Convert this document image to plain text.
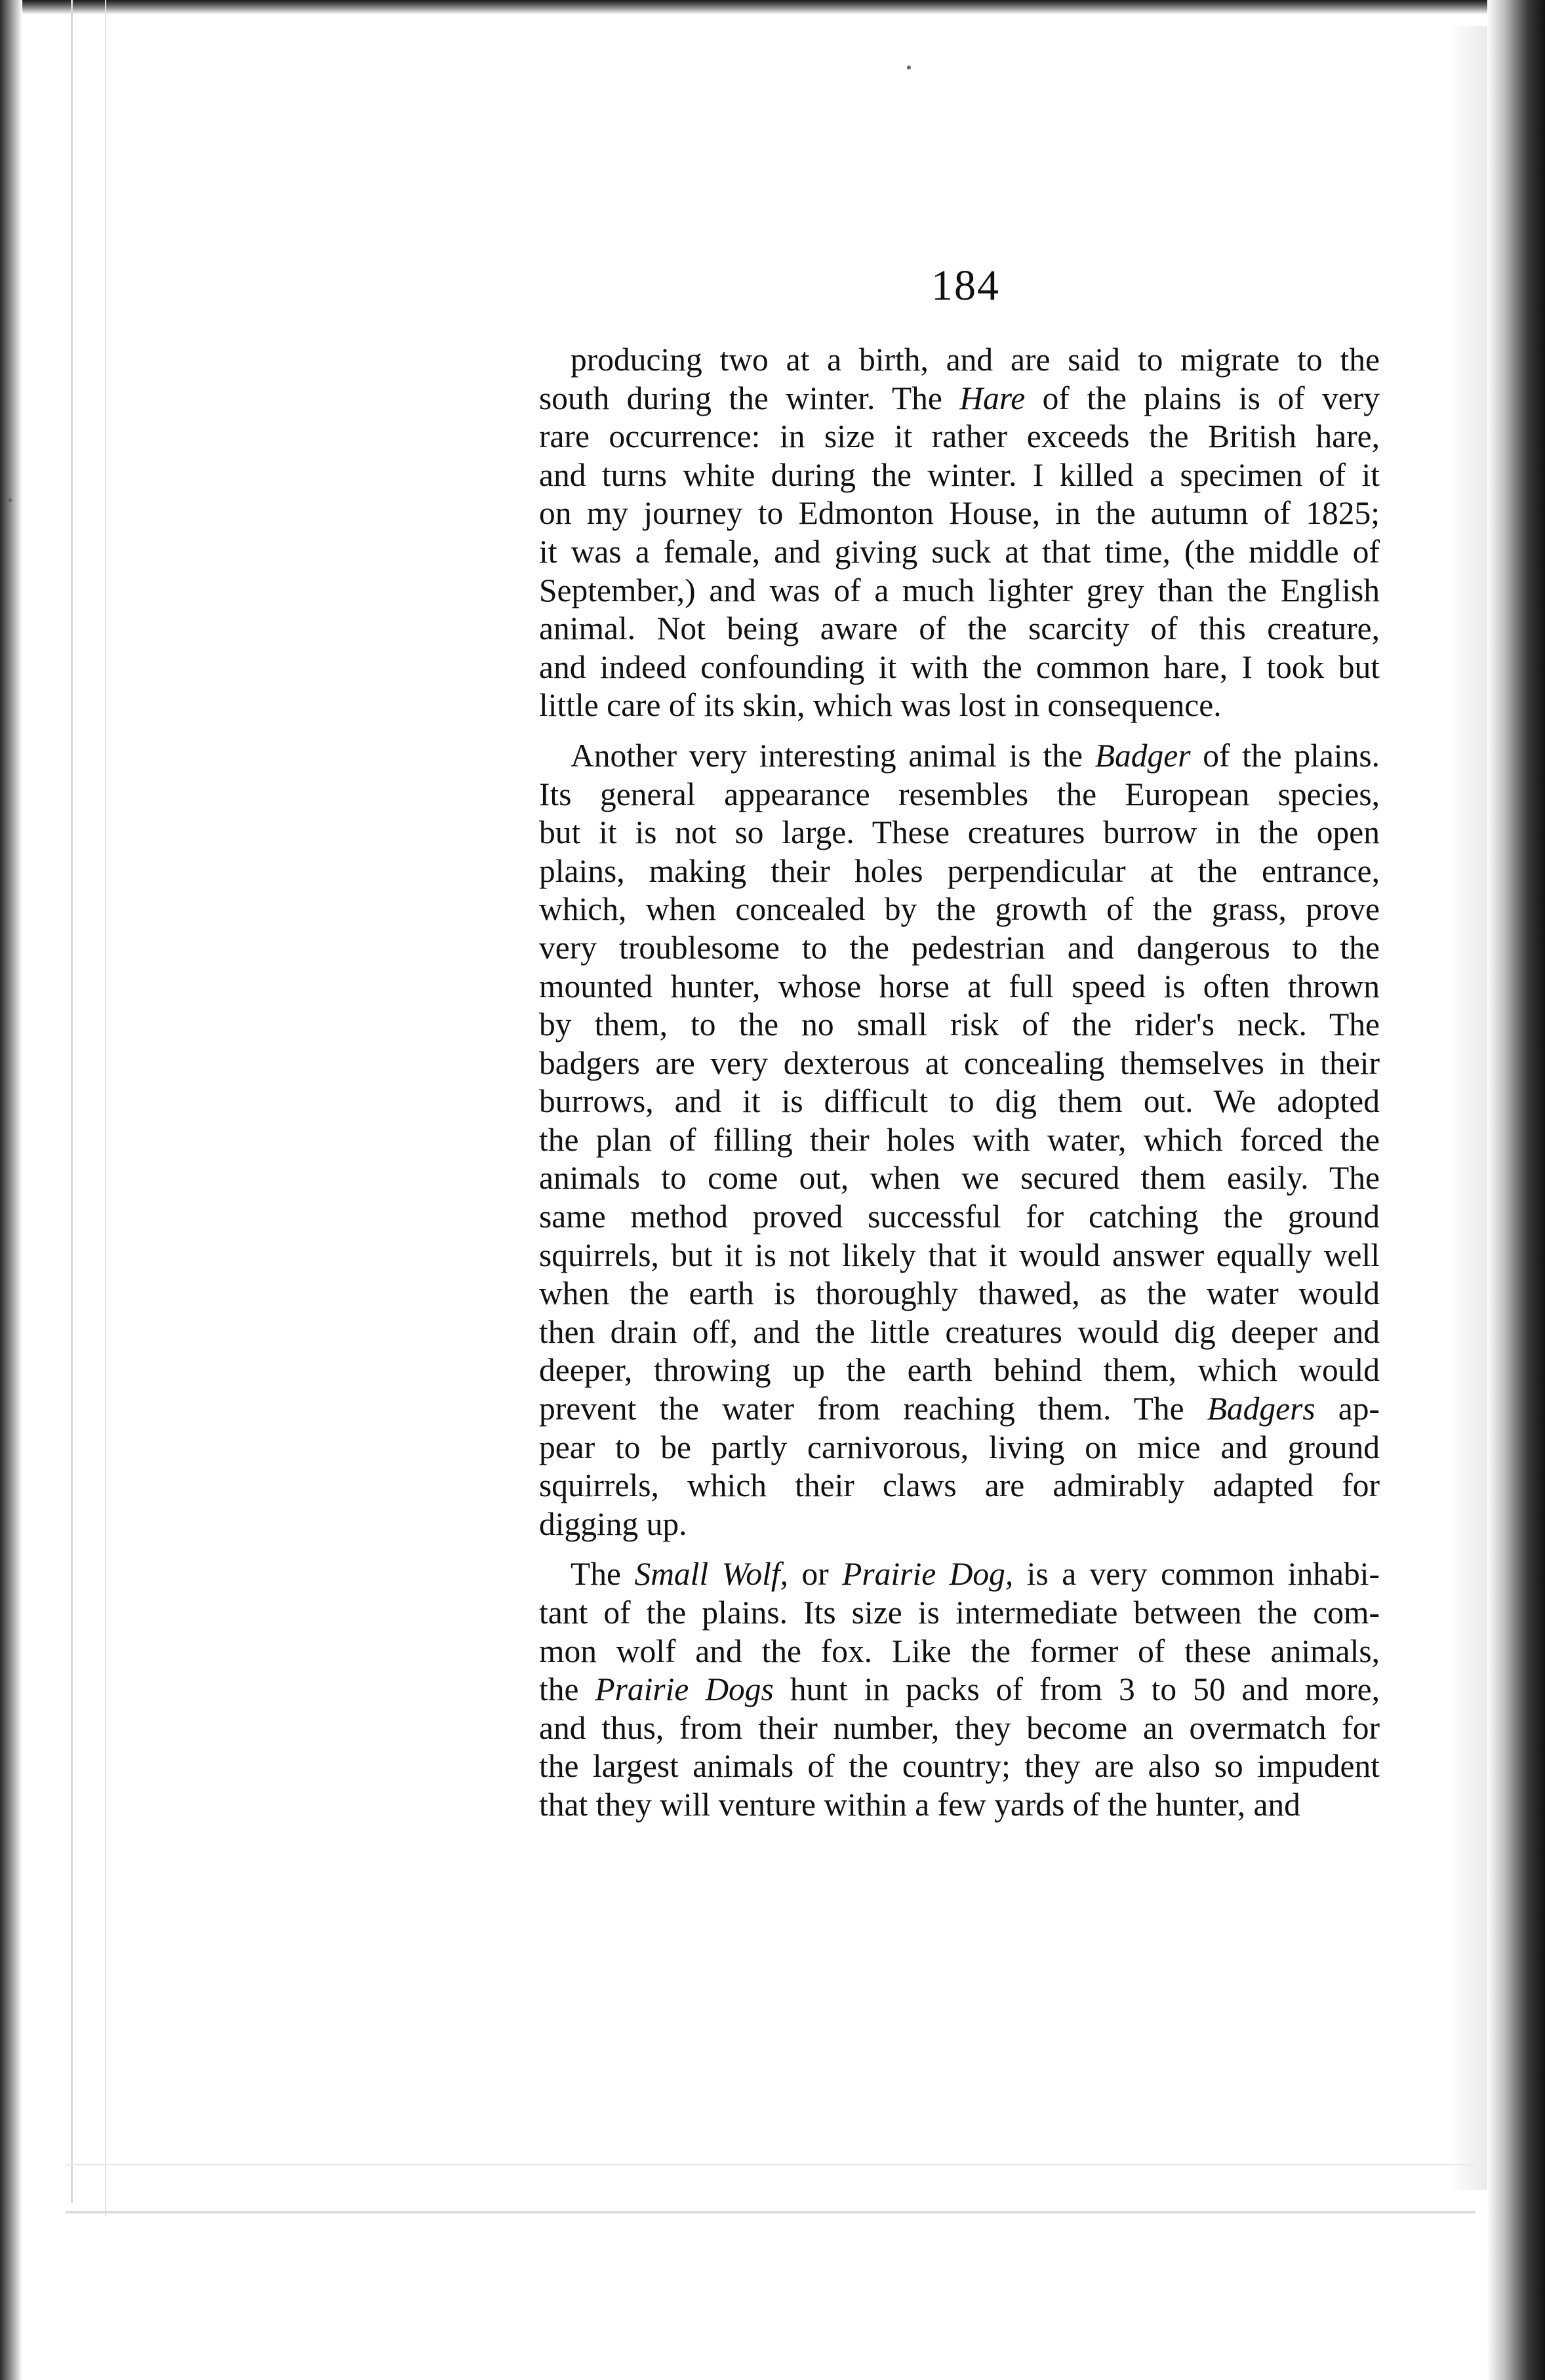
184
producing two at a birth, and are said to migrate to the
south during the winter. The Hare of the plains is of very
rare occurrence: in size it rather exceeds the British hare,
and turns white during the winter. I killed a specimen of it
on my journey to Edmonton House, in the autumn of 1825;
it was a female, and giving suck at that time, (the middle of
September,) and was of a much lighter grey than the English
animal. Not being aware of the scarcity of this creature,
and indeed confounding it with the common hare, I took but
little care of its skin, which was lost in consequence.
Another very interesting animal is the Badger of the plains.
Its general appearance resembles the European species,
but it is not so large. These creatures burrow in the open
plains, making their holes perpendicular at the entrance,
which, when concealed by the growth of the grass, prove
very troublesome to the pedestrian and dangerous to the
mounted hunter, whose horse at full speed is often thrown
by them, to the no small risk of the rider's neck. The
badgers are very dexterous at concealing themselves in their
burrows, and it is difficult to dig them out. We adopted
the plan of filling their holes with water, which forced the
animals to come out, when we secured them easily. The
same method proved successful for catching the ground
squirrels, but it is not likely that it would answer equally well
when the earth is thoroughly thawed, as the water would
then drain off, and the little creatures would dig deeper and
deeper, throwing up the earth behind them, which would
prevent the water from reaching them. The Badgers ap-
pear to be partly carnivorous, living on mice and ground
squirrels, which their claws are admirably adapted for
digging up.
The Small Wolf, or Prairie Dog, is a very common inhabi-
tant of the plains. Its size is intermediate between the com-
mon wolf and the fox. Like the former of these animals,
the Prairie Dogs hunt in packs of from 3 to 50 and more,
and thus, from their number, they become an overmatch for
the largest animals of the country; they are also so impudent
that they will venture within a few yards of the hunter, and
